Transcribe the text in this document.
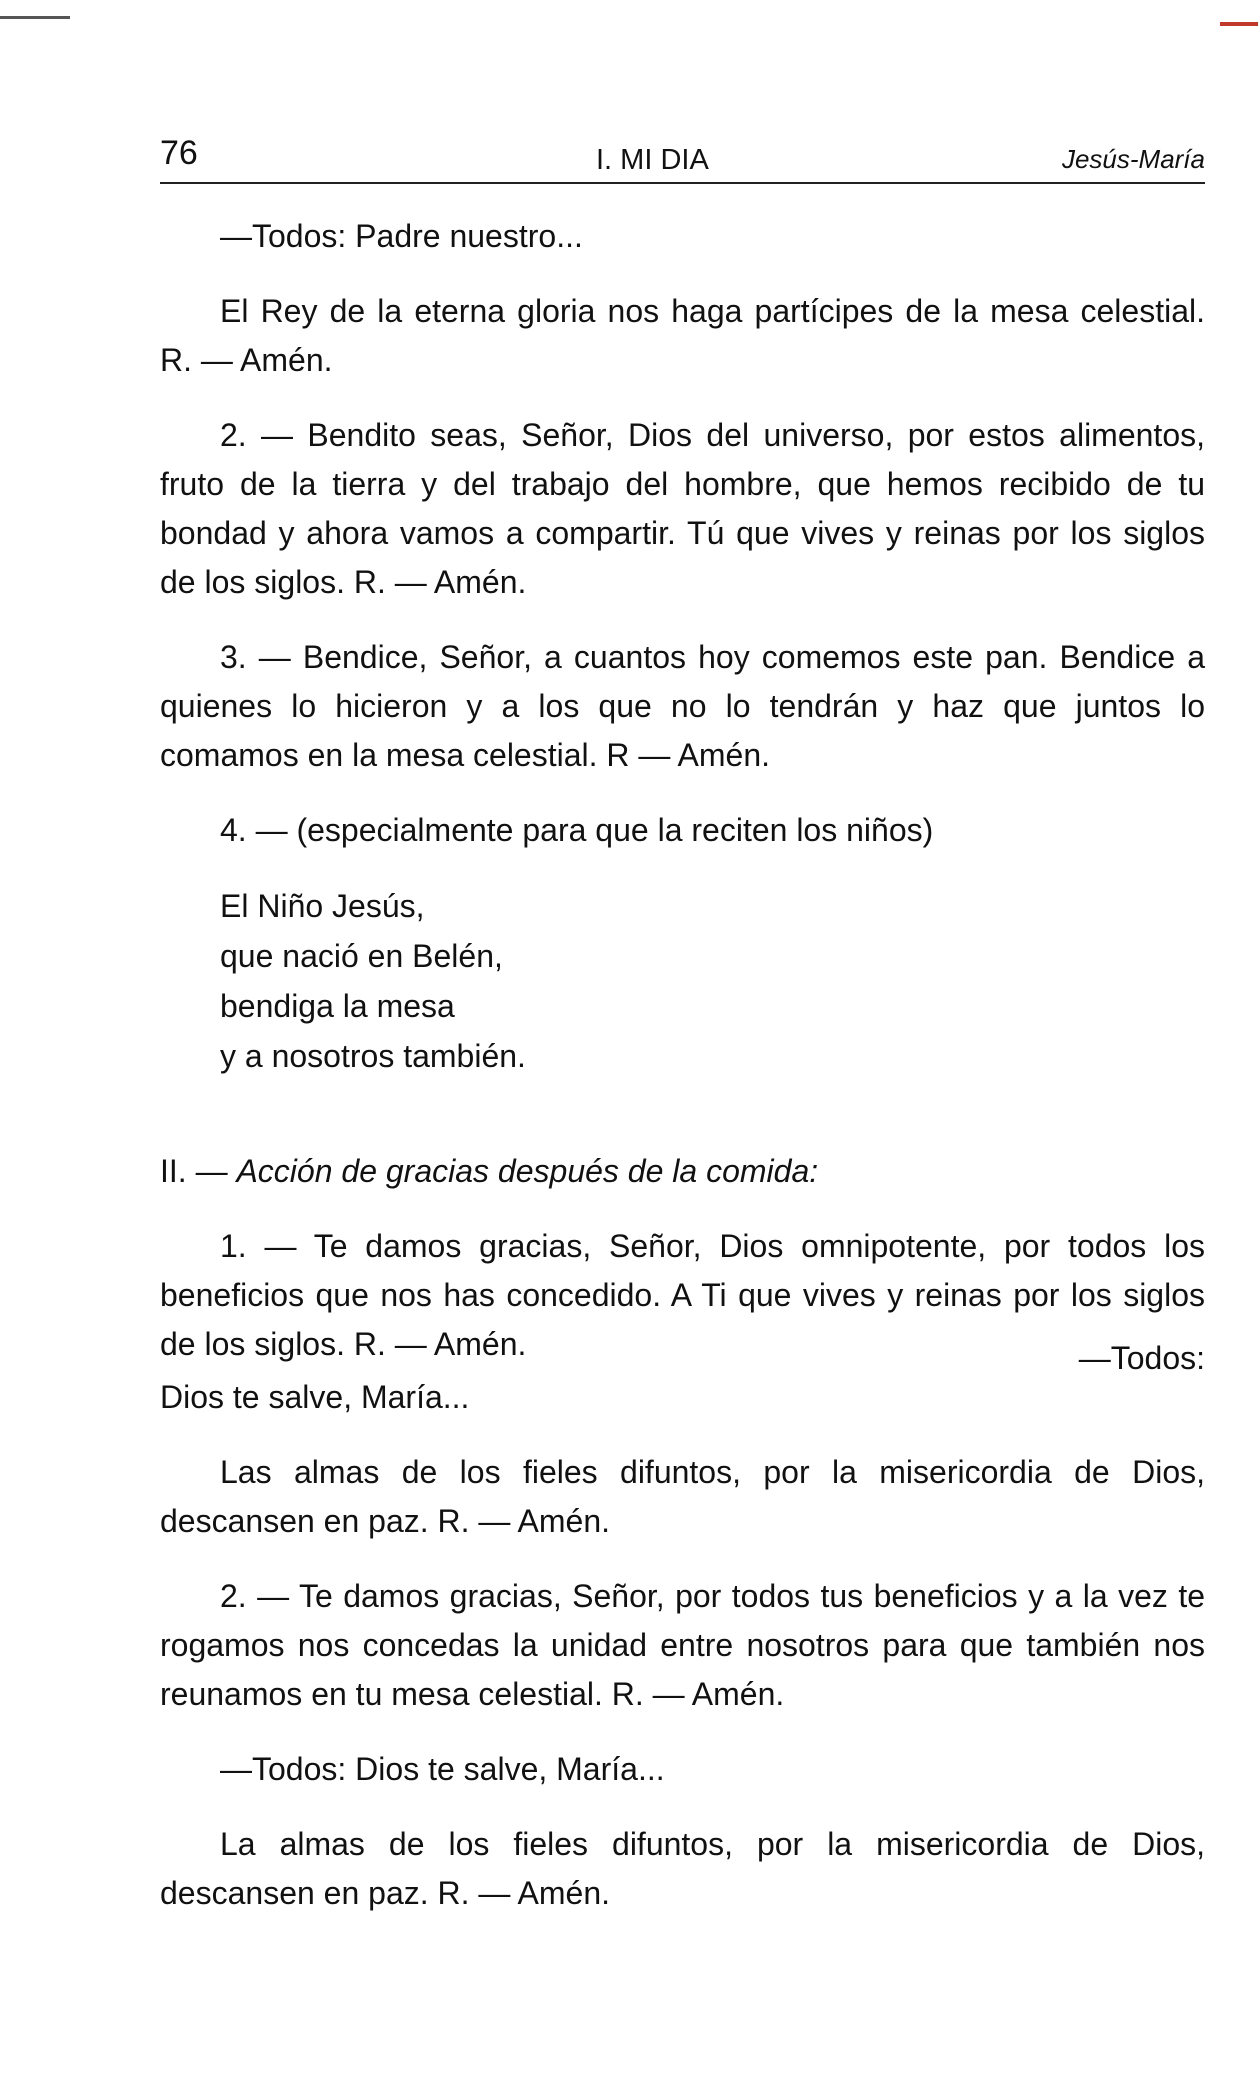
76	I. MI DIA	Jesús-María

—Todos: Padre nuestro...

El Rey de la eterna gloria nos haga partícipes de la mesa celestial. R. — Amén.

2. — Bendito seas, Señor, Dios del universo, por estos alimentos, fruto de la tierra y del trabajo del hombre, que hemos recibido de tu bondad y ahora vamos a compartir. Tú que vives y reinas por los siglos de los siglos. R. — Amén.

3. — Bendice, Señor, a cuantos hoy comemos este pan. Bendice a quienes lo hicieron y a los que no lo tendrán y haz que juntos lo comamos en la mesa celestial. R — Amén.

4. — (especialmente para que la reciten los niños)

El Niño Jesús,
que nació en Belén,
bendiga la mesa
y a nosotros también.

II. — Acción de gracias después de la comida:

1. — Te damos gracias, Señor, Dios omnipotente, por todos los beneficios que nos has concedido. A Ti que vives y reinas por los siglos de los siglos. R. — Amén.	—Todos:

Dios te salve, María...

Las almas de los fieles difuntos, por la misericordia de Dios, descansen en paz. R. — Amén.

2. — Te damos gracias, Señor, por todos tus beneficios y a la vez te rogamos nos concedas la unidad entre nosotros para que también nos reunamos en tu mesa celestial. R. — Amén.

—Todos: Dios te salve, María...

La almas de los fieles difuntos, por la misericordia de Dios, descansen en paz. R. — Amén.
